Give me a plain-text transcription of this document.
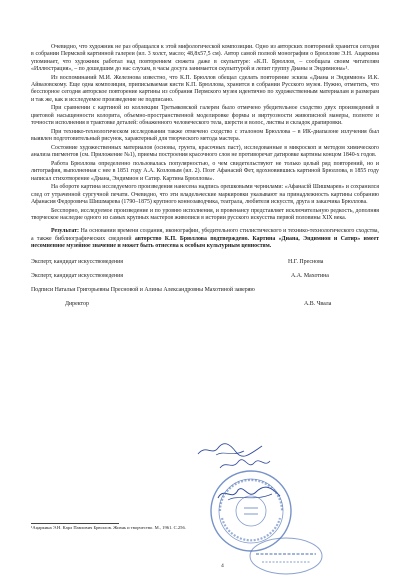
Очевидно, что художник не раз обращался к этой мифологической композиции. Одно из авторских повторений хранится сегодня в собрании Пермской картинной галереи (ил. 3 холст, масло; 48,8x57,5 см). Автор самой полной монографии о Брюллове Э.Н. Ацаркина упоминает, что художник работал над повторением сюжета даже в скульптуре: «К.П. Брюллов, – сообщала своим читателям «Иллюстрация», – по дошедшим до нас слухам, в часы досуга занимается скульптурой и лепит группу Дианы и Эндимиона»¹.

Из воспоминаний М.И. Железнова известно, что К.П. Брюллов обещал сделать повторение эскиза «Диана и Эндимион» И.К. Айвазовскому. Еще одна композиция, приписываемая кисти К.П. Брюллова, хранится в собрании Русского музея. Нужно, отметить, что бесспорное сегодня авторское повторение картины из собрания Пермского музея идентично по художественным материалам и размерам и так же, как и исследуемое произведение не подписано.

При сравнении с картиной из коллекции Третьяковской галереи было отмечено убедительное сходство двух произведений в цветовой насыщенности колорита, объемно-пространственной моделировке формы и виртуозности живописной манеры, полноте и точности исполнения в трактовке деталей: обнаженного человеческого тела, шерсти и волос, листвы и складок драпировки.

При технико-технологическом исследовании также отмечено сходство с эталоном Брюллова – в ИК-диапазоне излучения был выявлен подготовительный рисунок, характерный для творческого метода мастера.

Состояние художественных материалов (основы, грунта, красочных паст), исследованные в микроскоп и методом химического анализа пигментов (см. Приложение №1), приемы построения красочного слоя не противоречат датировке картины концом 1840-х годов.

Работа Брюллова определенно пользовалась популярностью, о чем свидетельствуют не только целый ряд повторений, но и литография, выполненная с нее в 1851 году А.А. Козловым (ил. 2). Поэт Афанасий Фет, вдохновившись картиной Брюллова, в 1855 году написал стихотворение «Диана, Эндимион и Сатир. Картина Брюллова».

На обороте картина исследуемого произведения нанесена надпись орешковыми чернилами: «Афанасій Шишмарев» и сохранился след от утраченной сургучной печати. Очевидно, что эти владельческие маркировки указывают на принадлежность картины собранию Афанасия Федоровича Шишмарева (1790–1875) крупного коннозаводчика, театрала, любителя искусств, друга и заказчика Брюллова.

Бесспорно, исследуемое произведение и по уровню исполнения, и провенансу представляет исключительную редкость, дополняя творческое наследие одного из самых крупных мастеров живописи в истории русского искусства первой половины XIX века.

Результат: На основании времени создания, иконографии, убедительного стилистического и технико-технологического сходства, а также библиографических сведений авторство К.П. Брюллова подтверждено. Картина «Диана, Эндимион и Сатир» имеет несомненное музейное значение и может быть отнесена к особым культурным ценностям.

Эксперт, кандидат искусствоведения	Н.Г. Преснова
Эксперт, кандидат искусствоведения	А.А. Махотина
Подписи Натальи Григорьевны Пресновой и Алины Александровны Махотиной заверяю
Директор	А.В. Чвала
¹Ацаркина Э.Н. Карл Павлович Брюллов. Жизнь и творчество. М., 1961. С.256.
4
